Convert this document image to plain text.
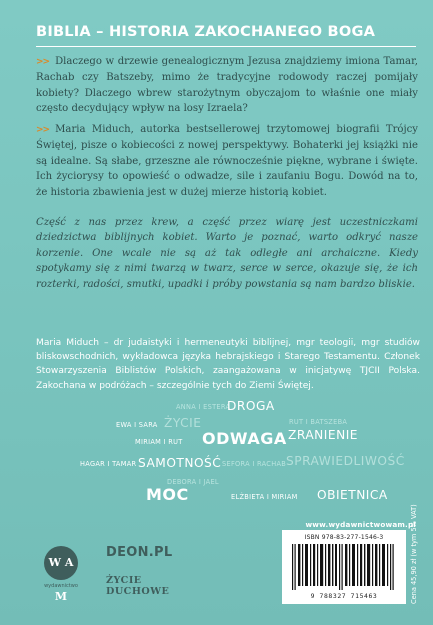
BIBLIA – HISTORIA ZAKOCHANEGO BOGA
>> Dlaczego w drzewie genealogicznym Jezusa znajdziemy imiona Tamar, Rachab czy Batszeby, mimo że tradycyjne rodowody raczej pomijały kobiety? Dlaczego wbrew starożytnym obyczajom to właśnie one miały często decydujący wpływ na losy Izraela?
>> Maria Miduch, autorka bestsellerowej trzytomowej biografii Trójcy Świętej, pisze o kobiecości z nowej perspektywy. Bohaterki jej książki nie są idealne. Są słabe, grzeszne ale równocześnie piękne, wybrane i święte. Ich życiorysy to opowieść o odwadze, sile i zaufaniu Bogu. Dowód na to, że historia zbawienia jest w dużej mierze historią kobiet.
Część z nas przez krew, a część przez wiarę jest uczestniczkami dziedzictwa biblijnych kobiet. Warto je poznać, warto odkryć nasze korzenie. One wcale nie są aż tak odległe ani archaiczne. Kiedy spotykamy się z nimi twarzą w twarz, serce w serce, okazuje się, że ich rozterki, radości, smutki, upadki i próby powstania są nam bardzo bliskie.
Maria Miduch – dr judaistyki i hermeneutyki biblijnej, mgr teologii, mgr studiów bliskowschodnich, wykładowca języka hebrajskiego i Starego Testamentu. Członek Stowarzyszenia Biblistów Polskich, zaangażowana w inicjatywę TJCII Polska. Zakochana w podróżach – szczególnie tych do Ziemi Świętej.
ANNA I ESTERA
DROGA
EWA I SARA ŻYCIE	RUT I BATSZEBA
ZRANIENIE
MIRIAM I RUT ODWAGA
HAGAR I TAMAR SAMOTNOŚĆ SEFORA I RACHAB SPRAWIEDLIWOŚĆ
DEBORA I JAEL
MOC	ELŻBIETA I MIRIAM OBIETNICA
www.wydawnictwowam.pl
W A M
wydawnictwo
DEON.PL
ŻYCIE
DUCHOWE
ISBN 978-83-277-1546-3
9 788327 715463	Cena 45,90 zł (w tym 5% VAT)
